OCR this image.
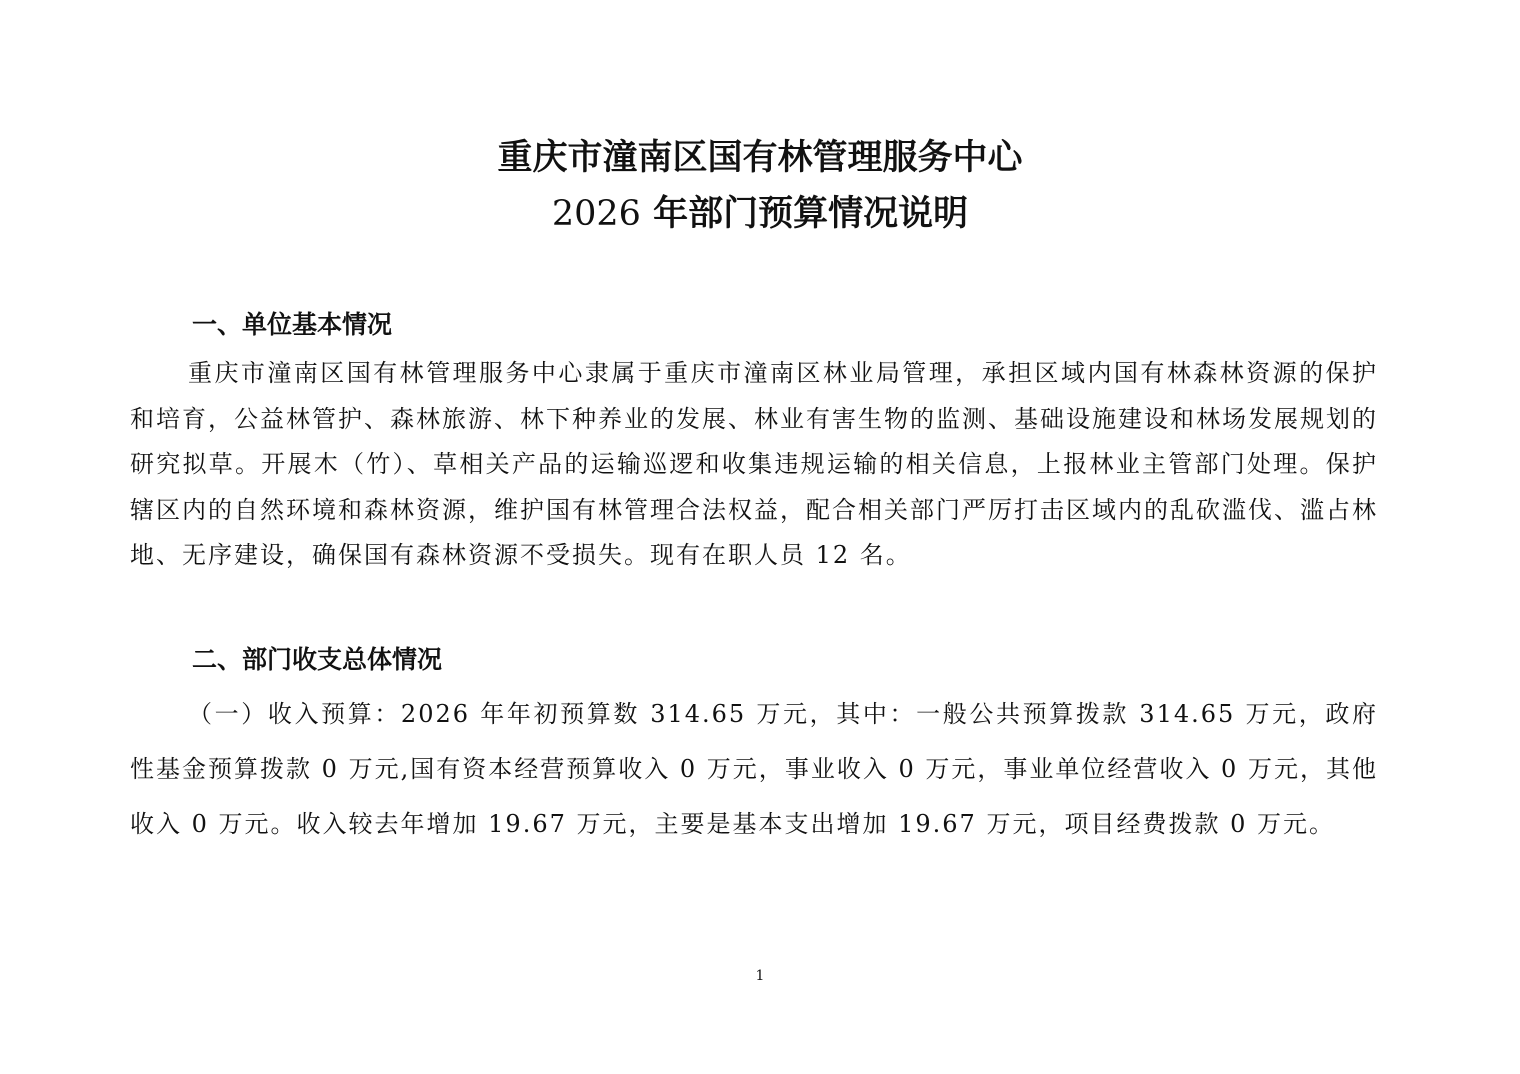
重庆市潼南区国有林管理服务中心
2026 年部门预算情况说明
一、单位基本情况
重庆市潼南区国有林管理服务中心隶属于重庆市潼南区林业局管理，承担区域内国有林森林资源的保护和培育，公益林管护、森林旅游、林下种养业的发展、林业有害生物的监测、基础设施建设和林场发展规划的研究拟草。开展木（竹）、草相关产品的运输巡逻和收集违规运输的相关信息，上报林业主管部门处理。保护辖区内的自然环境和森林资源，维护国有林管理合法权益，配合相关部门严厉打击区域内的乱砍滥伐、滥占林地、无序建设，确保国有森林资源不受损失。现有在职人员 12 名。
二、部门收支总体情况
（一）收入预算：2026 年年初预算数 314.65 万元，其中：一般公共预算拨款 314.65 万元，政府性基金预算拨款 0 万元,国有资本经营预算收入 0 万元，事业收入 0 万元，事业单位经营收入 0 万元，其他收入 0 万元。收入较去年增加 19.67 万元，主要是基本支出增加 19.67 万元，项目经费拨款 0 万元。
1
